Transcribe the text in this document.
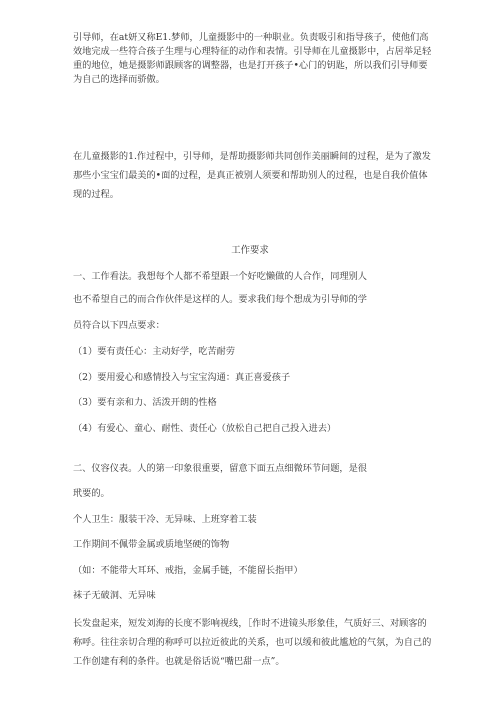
引导师，在at妍又称E1.梦师，儿童摄影中的一种职业。负责吸引和指导孩子，使他们高效地完成一些符合孩子生理与心理特征的动作和表情。引导师在儿童摄影中，占居举足轻重的地位，她是摄影师跟顾客的调整器，也是打开孩子•心门的钥匙，所以我们引导师要为自己的选择而骄傲。

在儿童摄影的1.作过程中，引导师，是帮助摄影师共同创作美丽瞬间的过程，是为了激发那些小宝宝们最美的•面的过程，是真正被别人须要和帮助别人的过程，也是自我价值体现的过程。

工作要求

一、工作看法。我想每个人都不希望跟一个好吃懒做的人合作，同理别人

也不希望自己的而合作伙伴是这样的人。要求我们每个想成为引导师的学

员符合以下四点要求：

（1）要有责任心：主动好学，吃苦耐劳

（2）要用爱心和感情投入与宝宝沟通：真正喜爱孩子

（3）要有亲和力、活泼开朗的性格

（4）有爱心、童心、耐性、责任心（放松自己把自己投入进去）

二、仪容仪表。人的第一印象很重要，留意下面五点细微环节问题，是很

玳要的。

个人卫生：服装干冷、无异味、上班穿着工装

工作期间不佩带金属或质地坚硬的饰物

（如：不能带大耳环、戒指，金属手链，不能留长指甲）

袜子无破洞、无异味

长发盘起来，短发刘海的长度不影响视线，［作时不进镜头形象佳，气质好三、对顾客的称呼。往往亲切合理的称呼可以拉近彼此的关系，也可以缓和彼此尴尬的气氛，为自己的工作创建有利的条件。也就是俗话说“嘴巴甜一点”。
